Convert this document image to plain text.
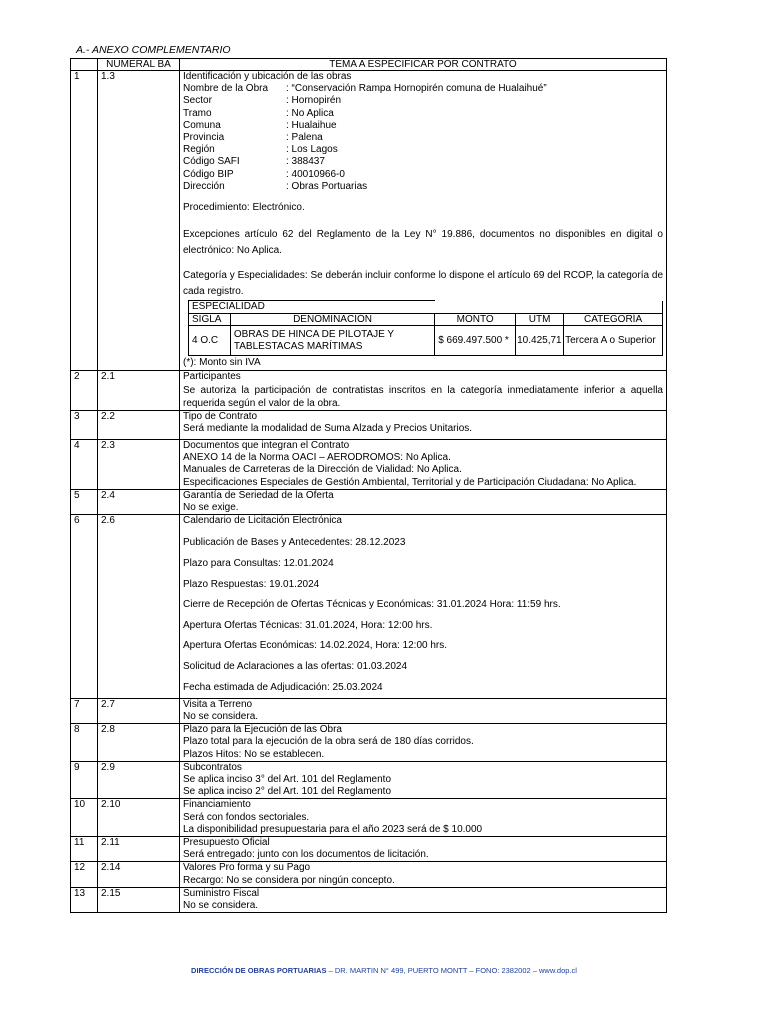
A.- ANEXO COMPLEMENTARIO
	NUMERAL BA	TEMA A ESPECIFICAR POR CONTRATO
1	1.3	Identificación y ubicación de las obras
Nombre de la Obra	: “Conservación Rampa Hornopirén comuna de Hualaihué”
Sector	: Hornopirén
Tramo	: No Aplica
Comuna	: Hualaihue
Provincia	: Palena
Región	: Los Lagos
Código SAFI	: 388437
Código BIP	: 40010966-0
Dirección	: Obras Portuarias
Procedimiento: Electrónico.
Excepciones artículo 62 del Reglamento de la Ley N° 19.886, documentos no disponibles en digital o electrónico: No Aplica.
Categoría y Especialidades: Se deberán incluir conforme lo dispone el artículo 69 del RCOP, la categoría de cada registro.
ESPECIALIDAD	
SIGLA	DENOMINACIÓN	MONTO	UTM	CATEGORÍA
4 O.C	OBRAS DE HINCA DE PILOTAJE Y TABLESTACAS MARÍTIMAS	$ 669.497.500 *	10.425,71	Tercera A o Superior
(*): Monto sin IVA

2	2.1	Participantes
Se autoriza la participación de contratistas inscritos en la categoría inmediatamente inferior a aquella requerida según el valor de la obra.

3	2.2	Tipo de Contrato
Será mediante la modalidad de Suma Alzada y Precios Unitarios.

4	2.3	Documentos que integran el Contrato
ANEXO 14 de la Norma OACI – AERODROMOS: No Aplica.
Manuales de Carreteras de la Dirección de Vialidad: No Aplica.
Especificaciones Especiales de Gestión Ambiental, Territorial y de Participación Ciudadana: No Aplica.

5	2.4	Garantía de Seriedad de la Oferta
No se exige.

6	2.6	Calendario de Licitación Electrónica
Publicación de Bases y Antecedentes: 28.12.2023
Plazo para Consultas: 12.01.2024
Plazo Respuestas: 19.01.2024
Cierre de Recepción de Ofertas Técnicas y Económicas: 31.01.2024 Hora: 11:59 hrs.
Apertura Ofertas Técnicas: 31.01.2024, Hora: 12:00 hrs.
Apertura Ofertas Económicas: 14.02.2024, Hora: 12:00 hrs.
Solicitud de Aclaraciones a las ofertas: 01.03.2024
Fecha estimada de Adjudicación: 25.03.2024

7	2.7	Visita a Terreno
No se considera.

8	2.8	Plazo para la Ejecución de las Obra
Plazo total para la ejecución de la obra será de 180 días corridos.
Plazos Hitos: No se establecen.

9	2.9	Subcontratos
Se aplica inciso 3° del Art. 101 del Reglamento
Se aplica inciso 2° del Art. 101 del Reglamento

10	2.10	Financiamiento
Será con fondos sectoriales.
La disponibilidad presupuestaria para el año 2023 será de $ 10.000

11	2.11	Presupuesto Oficial
Será entregado: junto con los documentos de licitación.

12	2.14	Valores Pro forma y su Pago
Recargo: No se considera por ningún concepto.

13	2.15	Suministro Fiscal
No se considera.
DIRECCIÓN DE OBRAS PORTUARIAS – DR. MARTIN N° 499, PUERTO MONTT – FONO: 2382002 – www.dop.cl
